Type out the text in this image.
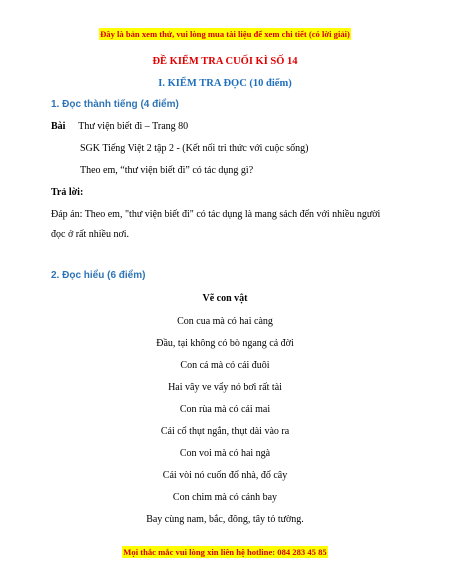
Đây là bản xem thử, vui lòng mua tài liệu để xem chi tiết (có lời giải)
ĐỀ KIỂM TRA CUỐI KÌ SỐ 14
I. KIỂM TRA ĐỌC (10 điểm)
1. Đọc thành tiếng (4 điểm)
Bài Thư viện biết đi – Trang 80
SGK Tiếng Việt 2 tập 2 - (Kết nối tri thức với cuộc sống)
Theo em, “thư viện biết đi” có tác dụng gì?
Trả lời:
Đáp án: Theo em, "thư viện biết đi" có tác dụng là mang sách đến với nhiều người
đọc ở rất nhiều nơi.
2. Đọc hiểu (6 điểm)
Vẽ con vật
Con cua mà có hai càng
Đầu, tại không có bò ngang cả đời
Con cá mà có cái đuôi
Hai vây ve vẩy nó bơi rất tài
Con rùa mà có cái mai
Cái cổ thụt ngắn, thụt dài vào ra
Con voi mà có hai ngà
Cái vòi nó cuốn đổ nhà, đổ cây
Con chim mà có cánh bay
Bay cùng nam, bắc, đông, tây tỏ tường.
Mọi thắc mắc vui lòng xin liên hệ hotline: 084 283 45 85
